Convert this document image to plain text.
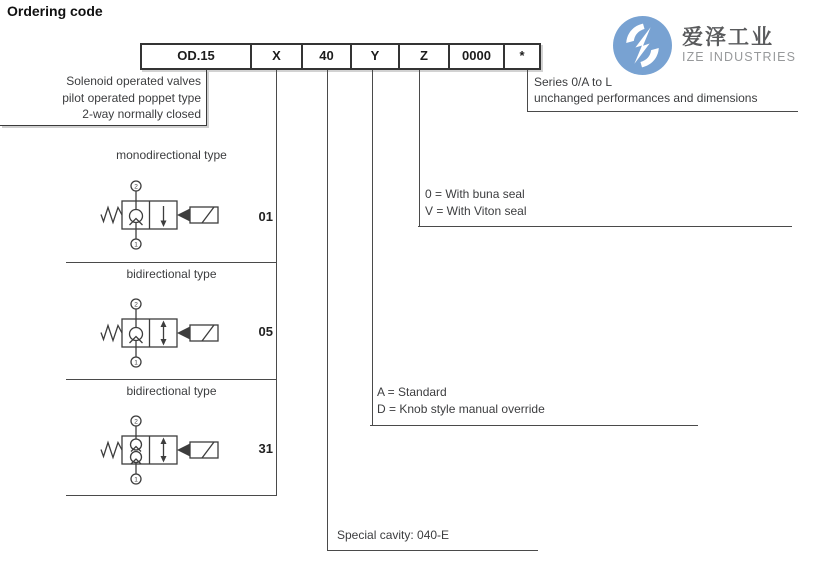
Ordering code
爱泽工业
IZE INDUSTRIES
OD.15	X	40	Y	Z	0000	*
Solenoid operated valves
pilot operated poppet type
2-way normally closed
Series 0/A to L
unchanged performances and dimensions
0 = With buna seal
V = With Viton seal
A = Standard
D = Knob style manual override
Special cavity: 040-E
monodirectional type
bidirectional type
bidirectional type
01
05
31
2
1
2
1
2
1
